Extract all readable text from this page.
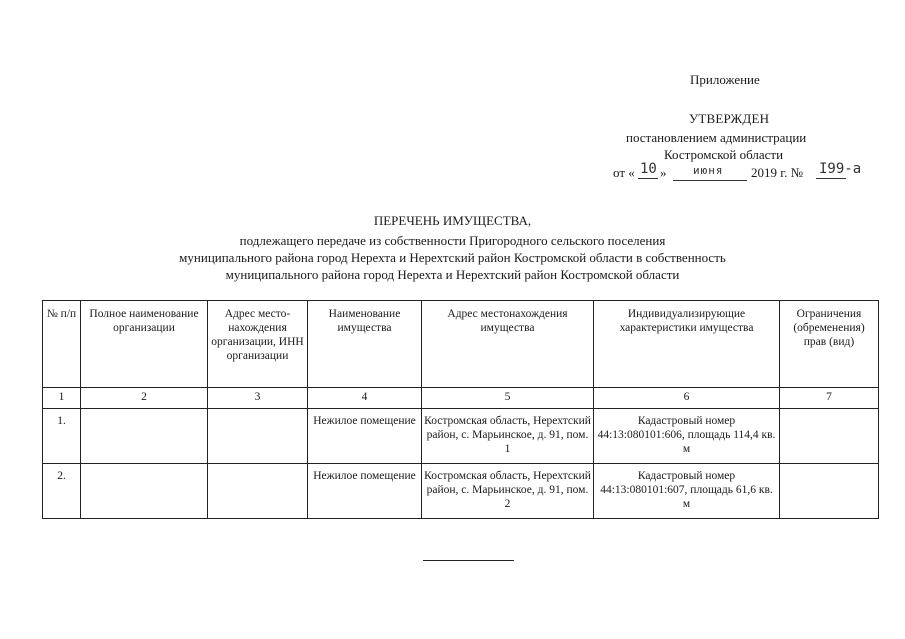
Приложение
УТВЕРЖДЕН
постановлением администрации
Костромской области
от « 10 » июня 2019 г. № I99-а
ПЕРЕЧЕНЬ ИМУЩЕСТВА,
подлежащего передаче из собственности Пригородного сельского поселения
муниципального района город Нерехта и Нерехтский район Костромской области в собственность
муниципального района город Нерехта и Нерехтский район Костромской области
№ п/п	Полное наименование организации	Адрес место-нахождения организации, ИНН организации	Наименование имущества	Адрес местонахождения имущества	Индивидуализирующие характеристики имущества	Ограничения (обременения) прав (вид)
1	2	3	4	5	6	7
1.			Нежилое помещение	Костромская область, Нерехтский район, с. Марьинское, д. 91, пом. 1	Кадастровый номер 44:13:080101:606, площадь 114,4 кв. м	
2.			Нежилое помещение	Костромская область, Нерехтский район, с. Марьинское, д. 91, пом. 2	Кадастровый номер 44:13:080101:607, площадь 61,6 кв. м	
